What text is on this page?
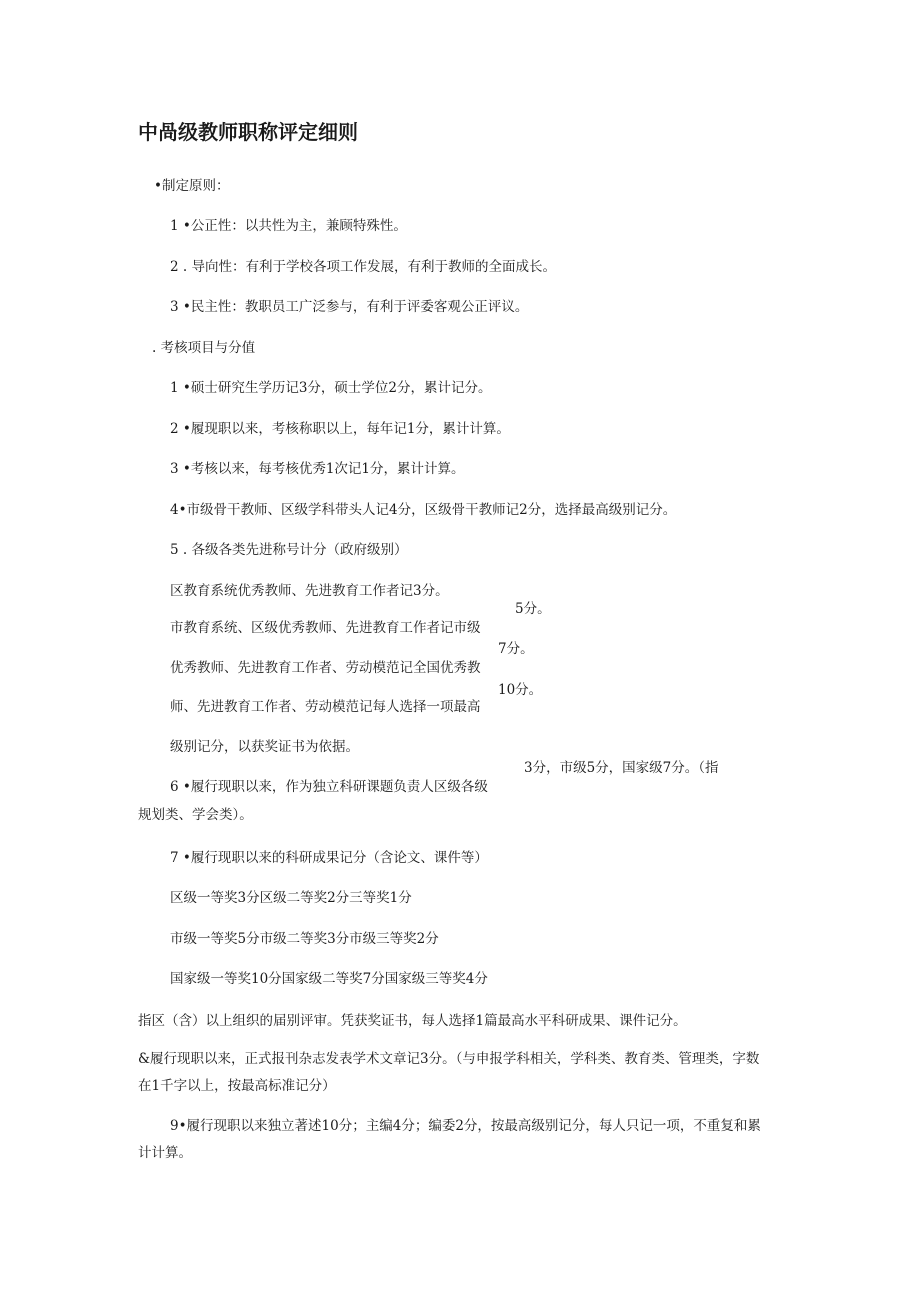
中咼级教师职称评定细则
•制定原则：
1 •公正性：以共性为主，兼顾特殊性。
2 . 导向性：有利于学校各项工作发展，有利于教师的全面成长。
3 •民主性：教职员工广泛参与，有利于评委客观公正评议。
. 考核项目与分值
1 •硕士研究生学历记3分，硕士学位2分，累计记分。
2 •履现职以来，考核称职以上，每年记1分，累计计算。
3 •考核以来，每考核优秀1次记1分，累计计算。
4•市级骨干教师、区级学科带头人记4分，区级骨干教师记2分，选择最高级别记分。
5 . 各级各类先进称号计分（政府级别）
区教育系统优秀教师、先进教育工作者记3分。
5分。
市教育系统、区级优秀教师、先进教育工作者记市级
7分。
优秀教师、先进教育工作者、劳动模范记全国优秀教
10分。
师、先进教育工作者、劳动模范记每人选择一项最高
级别记分，以获奖证书为依据。
3分，市级5分，国家级7分。（指
6 •履行现职以来，作为独立科研课题负责人区级各级
规划类、学会类）。
7 •履行现职以来的科研成果记分（含论文、课件等）
区级一等奖3分区级二等奖2分三等奖1分
市级一等奖5分市级二等奖3分市级三等奖2分
国家级一等奖10分国家级二等奖7分国家级三等奖4分
指区（含）以上组织的届别评审。凭获奖证书，每人选择1篇最高水平科研成果、课件记分。
&履行现职以来，正式报刊杂志发表学术文章记3分。（与申报学科相关，学科类、教育类、管理类，字数
在1千字以上，按最高标准记分）
9•履行现职以来独立著述10分；主编4分；编委2分，按最高级别记分，每人只记一项，不重复和累
计计算。
